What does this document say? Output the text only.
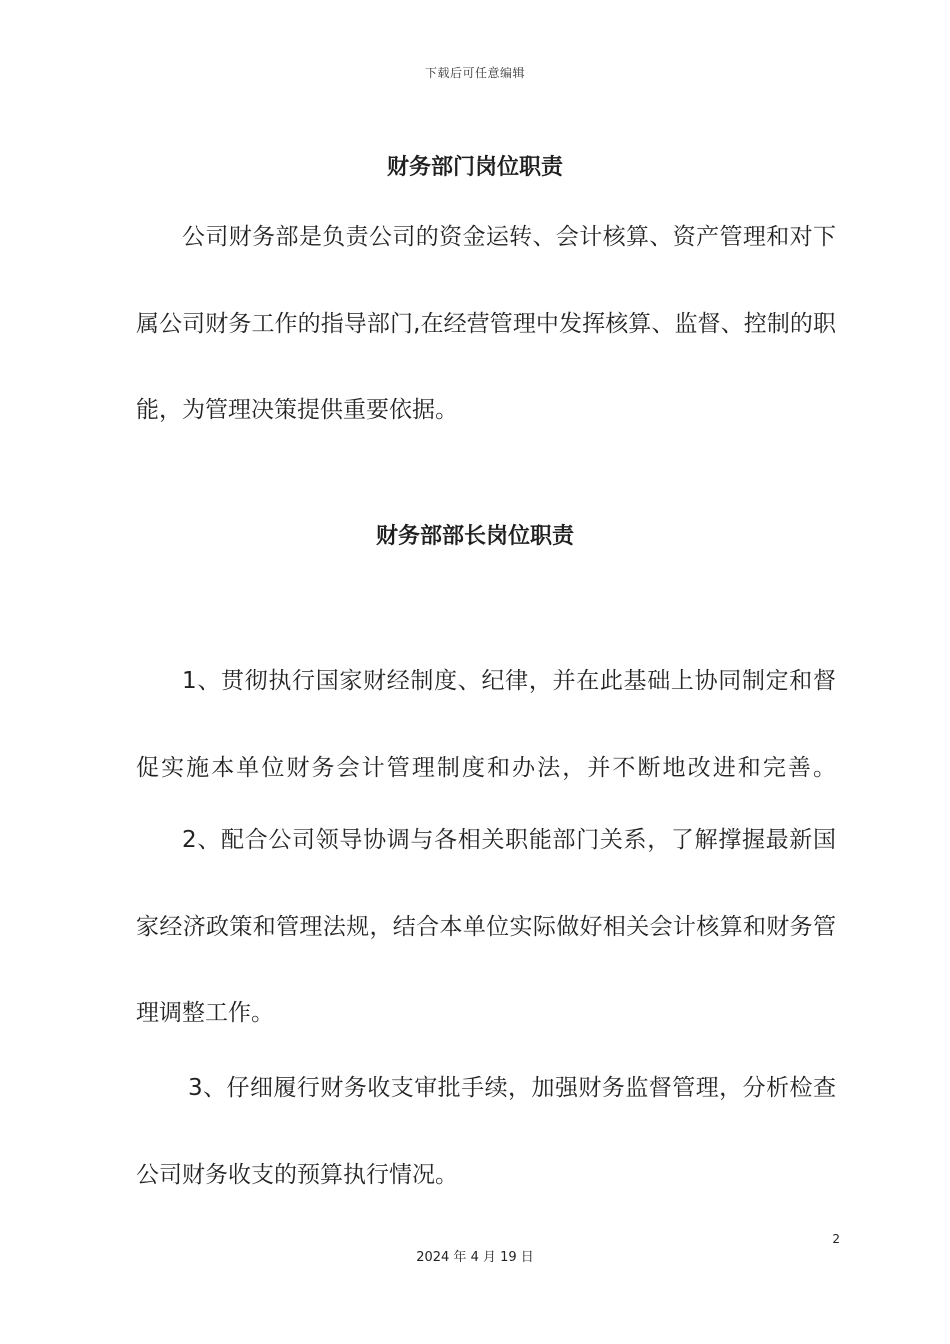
下载后可任意编辑
财务部门岗位职责
公司财务部是负责公司的资金运转、会计核算、资产管理和对下
属公司财务工作的指导部门,在经营管理中发挥核算、监督、控制的职
能，为管理决策提供重要依据。
财务部部长岗位职责
1、贯彻执行国家财经制度、纪律，并在此基础上协同制定和督
促实施本单位财务会计管理制度和办法，并不断地改进和完善。
2、配合公司领导协调与各相关职能部门关系，了解撑握最新国
家经济政策和管理法规，结合本单位实际做好相关会计核算和财务管
理调整工作。
3、仔细履行财务收支审批手续，加强财务监督管理，分析检查
公司财务收支的预算执行情况。
2
2024 年 4 月 19 日
